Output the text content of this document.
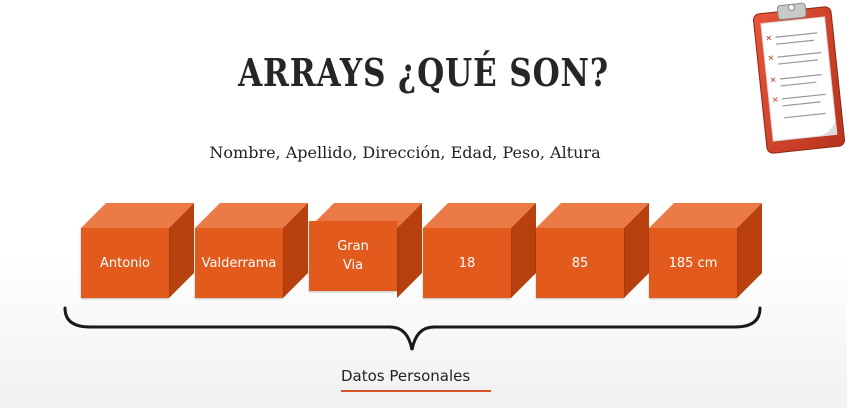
ARRAYS ¿QUÉ SON?
Nombre, Apellido, Dirección, Edad, Peso, Altura
Antonio	Valderrama

Gran
Via	18	85	185 cm

Datos Personales
✕
✕
✕
✕
